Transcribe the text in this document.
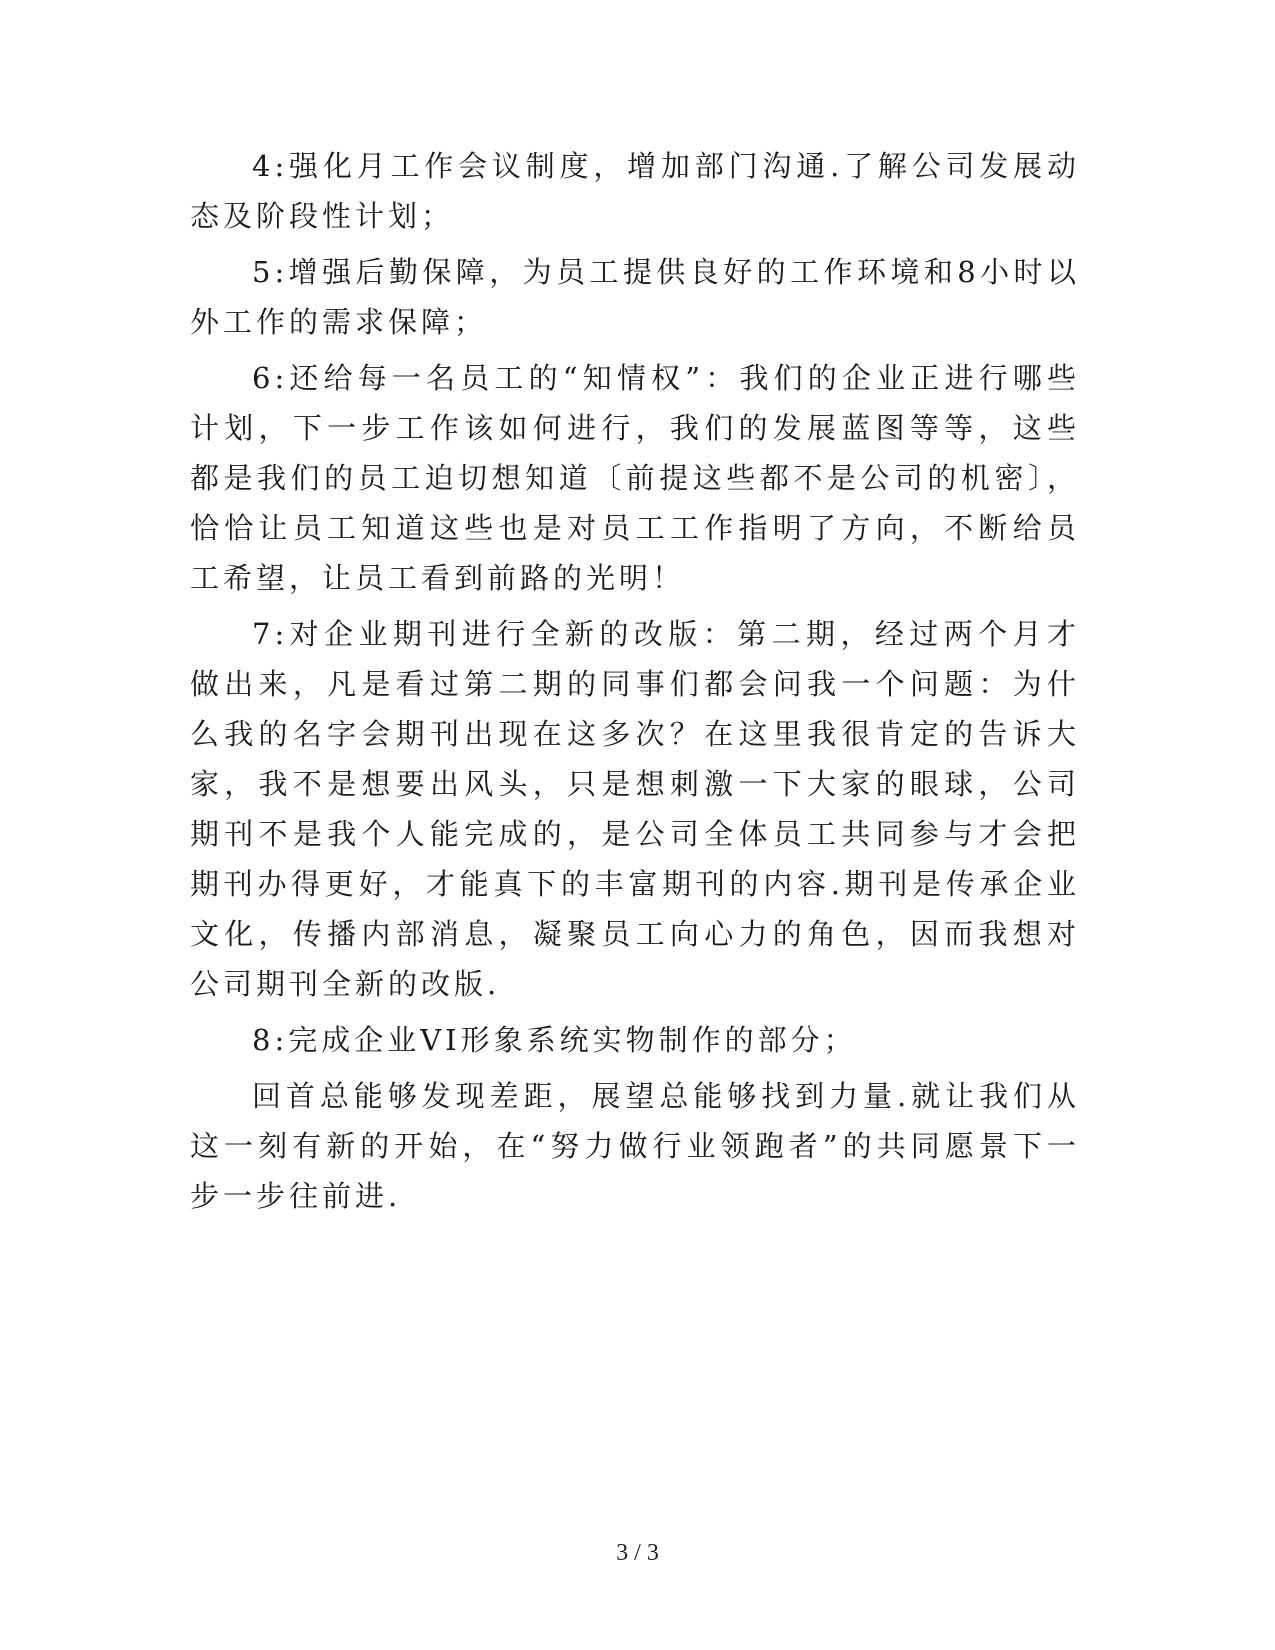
4:强化月工作会议制度，增加部门沟通.了解公司发展动态及阶段性计划；

5:增强后勤保障，为员工提供良好的工作环境和8小时以外工作的需求保障；

6:还给每一名员工的“知情权”：我们的企业正进行哪些计划，下一步工作该如何进行，我们的发展蓝图等等，这些都是我们的员工迫切想知道〔前提这些都不是公司的机密〕，恰恰让员工知道这些也是对员工工作指明了方向，不断给员工希望，让员工看到前路的光明！

7:对企业期刊进行全新的改版：第二期，经过两个月才做出来，凡是看过第二期的同事们都会问我一个问题：为什么我的名字会期刊出现在这多次？在这里我很肯定的告诉大家，我不是想要出风头，只是想刺激一下大家的眼球，公司期刊不是我个人能完成的，是公司全体员工共同参与才会把期刊办得更好，才能真下的丰富期刊的内容.期刊是传承企业文化，传播内部消息，凝聚员工向心力的角色，因而我想对公司期刊全新的改版.

8:完成企业VI形象系统实物制作的部分；

回首总能够发现差距，展望总能够找到力量.就让我们从这一刻有新的开始，在“努力做行业领跑者”的共同愿景下一步一步往前进.

3 / 3
